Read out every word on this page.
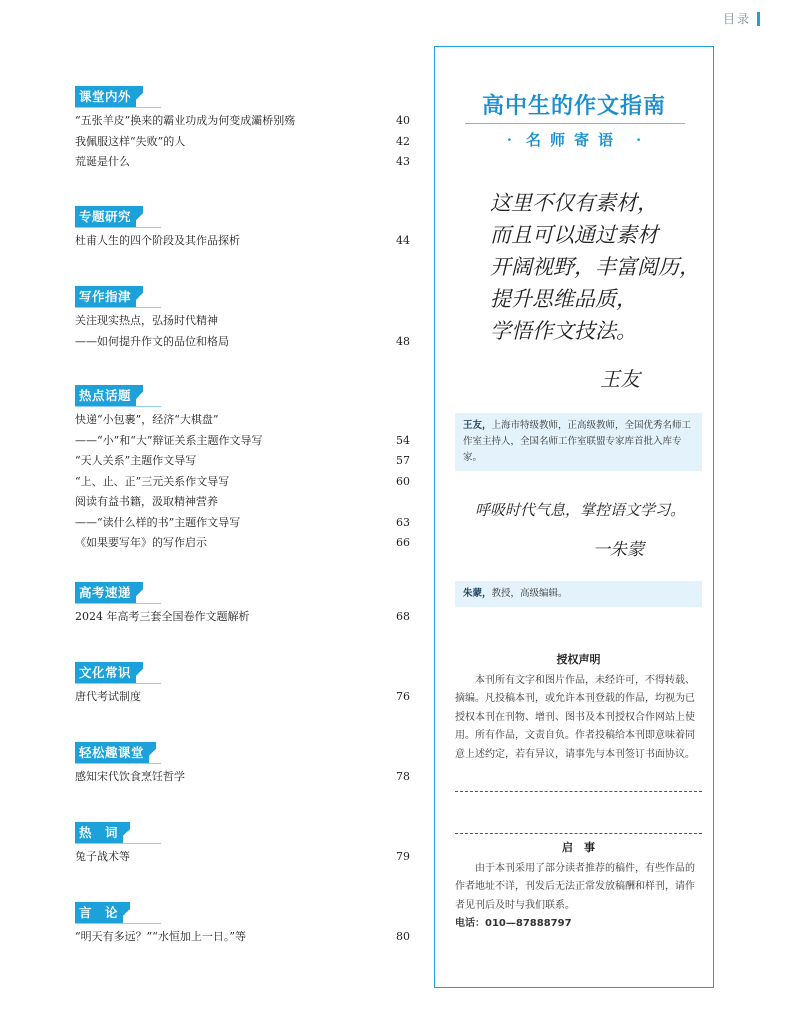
目录
课堂内外
“五张羊皮”换来的霸业功成为何变成灞桥别殇	40
我佩服这样“失败”的人	42
荒诞是什么	43
专题研究
杜甫人生的四个阶段及其作品探析	44
写作指津
关注现实热点，弘扬时代精神
——如何提升作文的品位和格局	48
热点话题
快递“小包裹”，经济“大棋盘”
——“小”和“大”辩证关系主题作文导写	54
“天人关系”主题作文导写	57
“上、止、正”三元关系作文导写	60
阅读有益书籍，汲取精神营养
——“读什么样的书”主题作文导写	63
《如果要写年》的写作启示	66
高考速递
2024 年高考三套全国卷作文题解析	68
文化常识
唐代考试制度	76
轻松趣课堂
感知宋代饮食烹饪哲学	78
热　词
兔子战术等	79
言　论
“明天有多远？”“水恒加上一日。”等	80
高中生的作文指南
· 名师寄语 ·
这里不仅有素材，
而且可以通过素材
开阔视野，丰富阅历，
提升思维品质，
学悟作文技法。
王友
王友，上海市特级教师，正高级教师，全国优秀名师工作室主持人，全国名师工作室联盟专家库首批入库专家。
呼吸时代气息，掌控语文学习。
一朱蒙
朱蒙，教授，高级编辑。
授权声明
本刊所有文字和图片作品，未经许可，不得转载、摘编。凡投稿本刊，或允许本刊登载的作品，均视为已授权本刊在刊物、增刊、图书及本刊授权合作网站上使用。所有作品，文责自负。作者投稿给本刊即意味着同意上述约定，若有异议，请事先与本刊签订书面协议。
启　事
由于本刊采用了部分读者推荐的稿件，有些作品的作者地址不详，刊发后无法正常发放稿酬和样刊，请作者见刊后及时与我们联系。
电话：010—87888797
